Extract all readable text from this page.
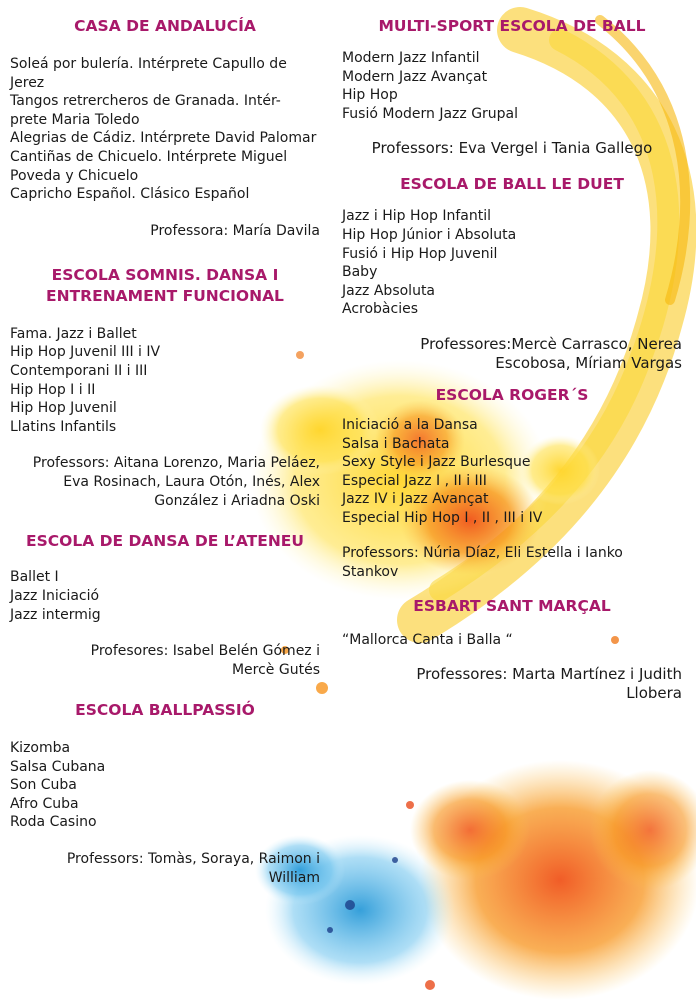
CASA DE ANDALUCÍA
Soleá por bulería. Intérprete Capullo de Jerez
Tangos retrercheros de Granada. Intér- prete Maria Toledo
Alegrias de Cádiz. Intérprete David Palomar
Cantiñas de Chicuelo. Intérprete Miguel Poveda y Chicuelo
Capricho Español. Clásico Español

Professora: María Davila

ESCOLA SOMNIS. DANSA I ENTRENAMENT FUNCIONAL
Fama. Jazz i Ballet
Hip Hop Juvenil III i IV
Contemporani II i III
Hip Hop I i II
Hip Hop Juvenil
Llatins Infantils

Professors: Aitana Lorenzo, Maria Peláez, Eva Rosinach, Laura Otón, Inés, Alex González i Ariadna Oski

ESCOLA DE DANSA DE L’ATENEU
Ballet I
Jazz Iniciació
Jazz intermig

Profesores: Isabel Belén Gómez i Mercè Gutés

ESCOLA BALLPASSIÓ
Kizomba
Salsa Cubana
Son Cuba
Afro Cuba
Roda Casino

Professors: Tomàs, Soraya, Raimon i William

MULTI-SPORT ESCOLA DE BALL
Modern Jazz Infantil
Modern Jazz Avançat
Hip Hop
Fusió Modern Jazz Grupal

Professors: Eva Vergel i Tania Gallego

ESCOLA DE BALL LE DUET
Jazz i Hip Hop Infantil
Hip Hop Júnior i Absoluta
Fusió i Hip Hop Juvenil
Baby
Jazz Absoluta
Acrobàcies

Professores:Mercè Carrasco, Nerea Escobosa, Míriam Vargas

ESCOLA ROGER´S
Iniciació a la Dansa
Salsa i Bachata
Sexy Style i Jazz Burlesque
Especial Jazz I , II i III
Jazz IV i Jazz Avançat
Especial Hip Hop I , II , III i IV

Professors: Núria Díaz, Eli Estella i Ianko Stankov

ESBART SANT MARÇAL
“Mallorca Canta i Balla “

Professores: Marta Martínez i Judith Llobera
